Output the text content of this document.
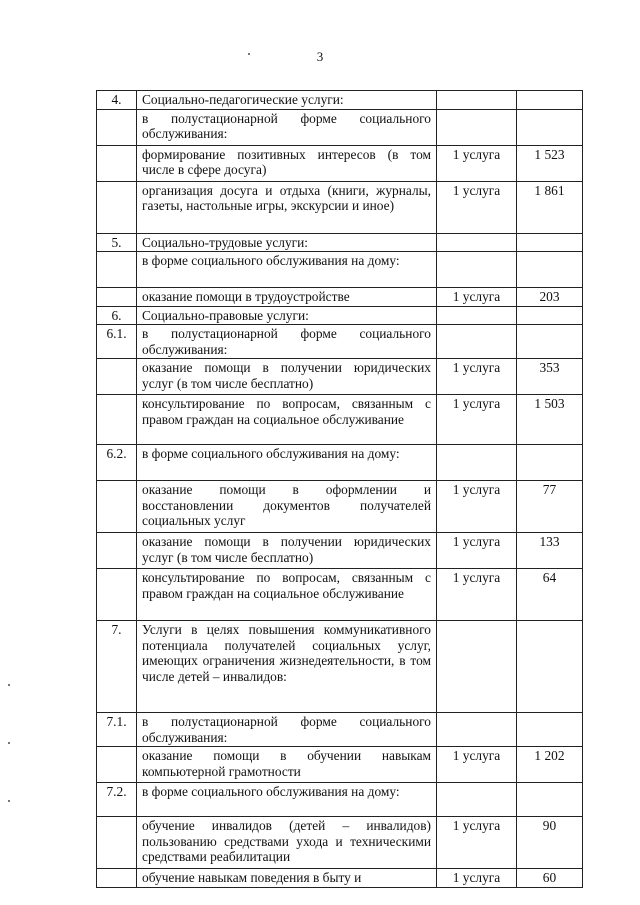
3
4.	Социально-педагогические услуги:		
	в полустационарной форме социального обслуживания:		
	формирование позитивных интересов (в том числе в сфере досуга)	1 услуга	1 523
	организация досуга и отдыха (книги, журналы, газеты, настольные игры, экскурсии и иное)	1 услуга	1 861
5.	Социально-трудовые услуги:		
	в форме социального обслуживания на дому:		
	оказание помощи в трудоустройстве	1 услуга	203
6.	Социально-правовые услуги:		
6.1.	в полустационарной форме социального обслуживания:		
	оказание помощи в получении юридических услуг (в том числе бесплатно)	1 услуга	353
	консультирование по вопросам, связанным с правом граждан на социальное обслуживание	1 услуга	1 503
6.2.	в форме социального обслуживания на дому:		
	оказание помощи в оформлении и восстановлении документов получателей социальных услуг	1 услуга	77
	оказание помощи в получении юридических услуг (в том числе бесплатно)	1 услуга	133
	консультирование по вопросам, связанным с правом граждан на социальное обслуживание	1 услуга	64
7.	Услуги в целях повышения коммуникативного потенциала получателей социальных услуг, имеющих ограничения жизнедеятельности, в том числе детей – инвалидов:		
7.1.	в полустационарной форме социального обслуживания:		
	оказание помощи в обучении навыкам компьютерной грамотности	1 услуга	1 202
7.2.	в форме социального обслуживания на дому:		
	обучение инвалидов (детей – инвалидов) пользованию средствами ухода и техническими средствами реабилитации	1 услуга	90
	обучение навыкам поведения в быту и	1 услуга	60
